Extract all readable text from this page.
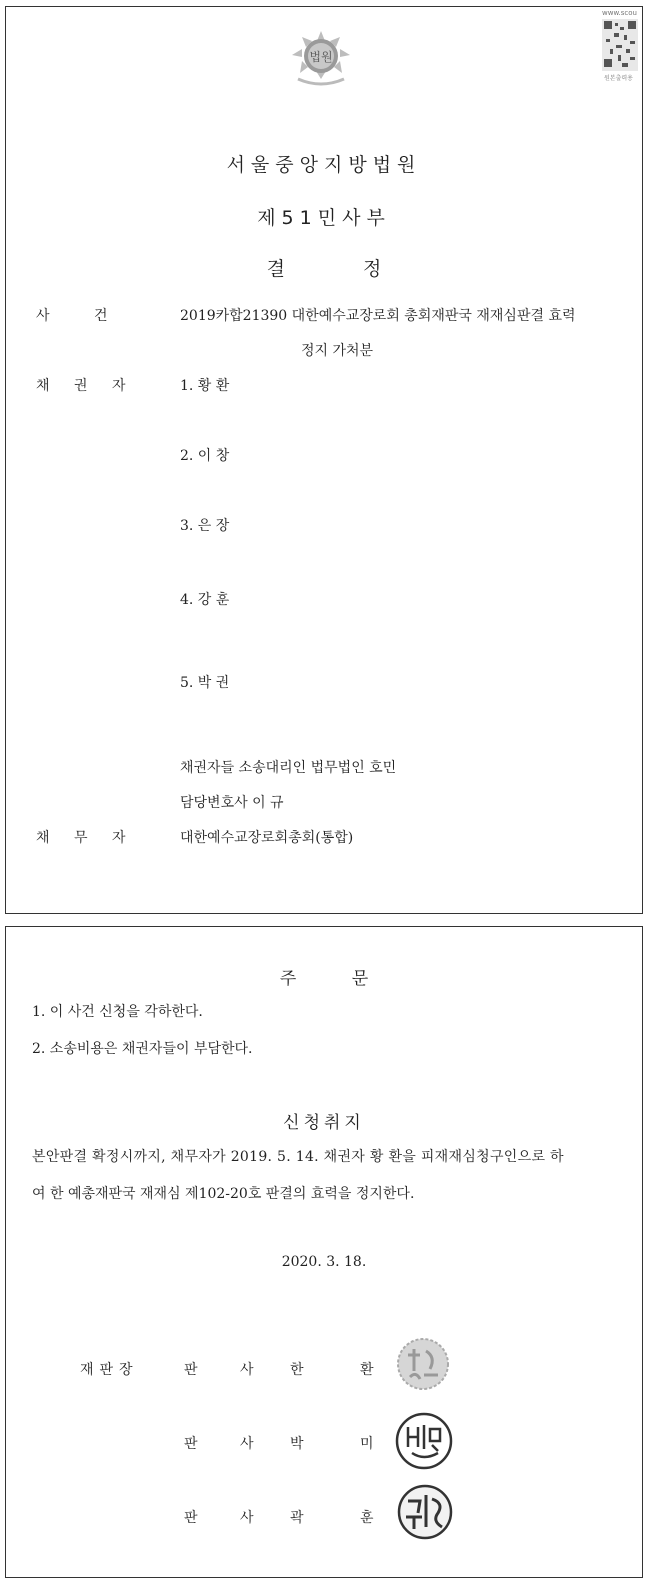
법원
www.scou
원본출력용
서울중앙지방법원
제51민사부
결 정
사 건	2019카합21390 대한예수교장로회 총회재판국 재재심판결 효력
정지 가처분
채 권 자	1. 황 환
2. 이 창
3. 은 장
4. 강 훈
5. 박 권
채권자들 소송대리인 법무법인 호민
담당변호사 이 규
채 무 자	대한예수교장로회총회(통합)
주 문
1. 이 사건 신청을 각하한다.
2. 소송비용은 채권자들이 부담한다.
신청취지
본안판결 확정시까지, 채무자가 2019. 5. 14. 채권자 황 환을 피재재심청구인으로 하
여 한 예총재판국 재재심 제102-20호 판결의 효력을 정지한다.
2020. 3. 18.
재판장	판 사	한	환
판 사	박	미
판 사	곽	훈
